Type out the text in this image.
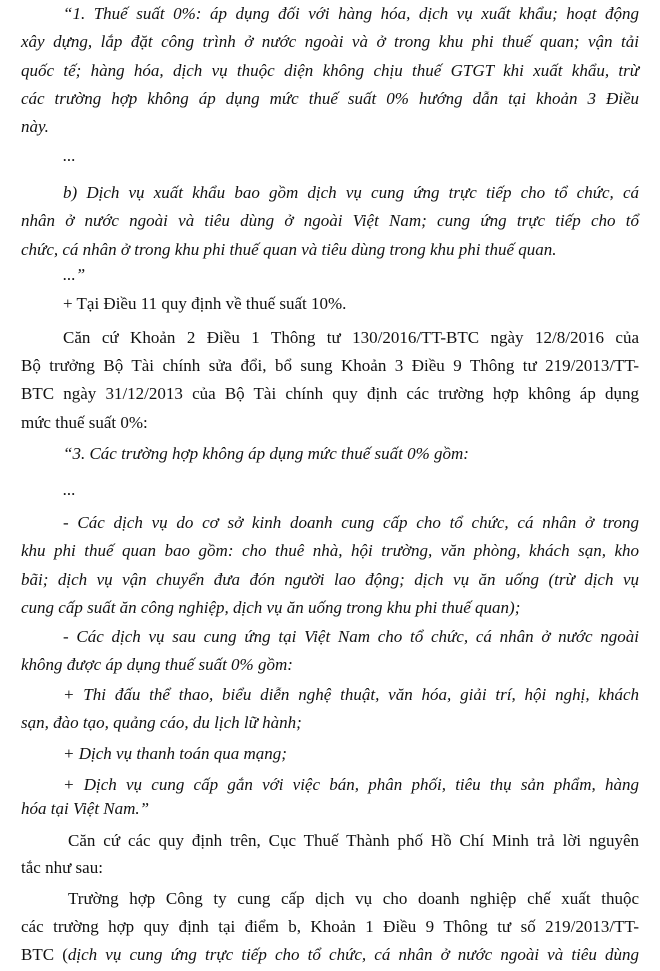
“1. Thuế suất 0%: áp dụng đối với hàng hóa, dịch vụ xuất khẩu; hoạt động
xây dựng, lắp đặt công trình ở nước ngoài và ở trong khu phi thuế quan; vận tải
quốc tế; hàng hóa, dịch vụ thuộc diện không chịu thuế GTGT khi xuất khẩu, trừ
các trường hợp không áp dụng mức thuế suất 0% hướng dẫn tại khoản 3 Điều
này.
...
b) Dịch vụ xuất khẩu bao gồm dịch vụ cung ứng trực tiếp cho tổ chức, cá
nhân ở nước ngoài và tiêu dùng ở ngoài Việt Nam; cung ứng trực tiếp cho tổ
chức, cá nhân ở trong khu phi thuế quan và tiêu dùng trong khu phi thuế quan.
...”
+ Tại Điều 11 quy định về thuế suất 10%.
Căn cứ Khoản 2 Điều 1 Thông tư 130/2016/TT-BTC ngày 12/8/2016 của
Bộ trưởng Bộ Tài chính sửa đổi, bổ sung Khoản 3 Điều 9 Thông tư 219/2013/TT-
BTC ngày 31/12/2013 của Bộ Tài chính quy định các trường hợp không áp dụng
mức thuế suất 0%:
“3. Các trường hợp không áp dụng mức thuế suất 0% gồm:
...
- Các dịch vụ do cơ sở kinh doanh cung cấp cho tổ chức, cá nhân ở trong
khu phi thuế quan bao gồm: cho thuê nhà, hội trường, văn phòng, khách sạn, kho
bãi; dịch vụ vận chuyển đưa đón người lao động; dịch vụ ăn uống (trừ dịch vụ
cung cấp suất ăn công nghiệp, dịch vụ ăn uống trong khu phi thuế quan);
- Các dịch vụ sau cung ứng tại Việt Nam cho tổ chức, cá nhân ở nước ngoài
không được áp dụng thuế suất 0% gồm:
+ Thi đấu thể thao, biểu diễn nghệ thuật, văn hóa, giải trí, hội nghị, khách
sạn, đào tạo, quảng cáo, du lịch lữ hành;
+ Dịch vụ thanh toán qua mạng;
+ Dịch vụ cung cấp gắn với việc bán, phân phối, tiêu thụ sản phẩm, hàng
hóa tại Việt Nam.”
Căn cứ các quy định trên, Cục Thuế Thành phố Hồ Chí Minh trả lời nguyên
tắc như sau:
Trường hợp Công ty cung cấp dịch vụ cho doanh nghiệp chế xuất thuộc
các trường hợp quy định tại điểm b, Khoản 1 Điều 9 Thông tư số 219/2013/TT-
BTC (dịch vụ cung ứng trực tiếp cho tổ chức, cá nhân ở nước ngoài và tiêu dùng
